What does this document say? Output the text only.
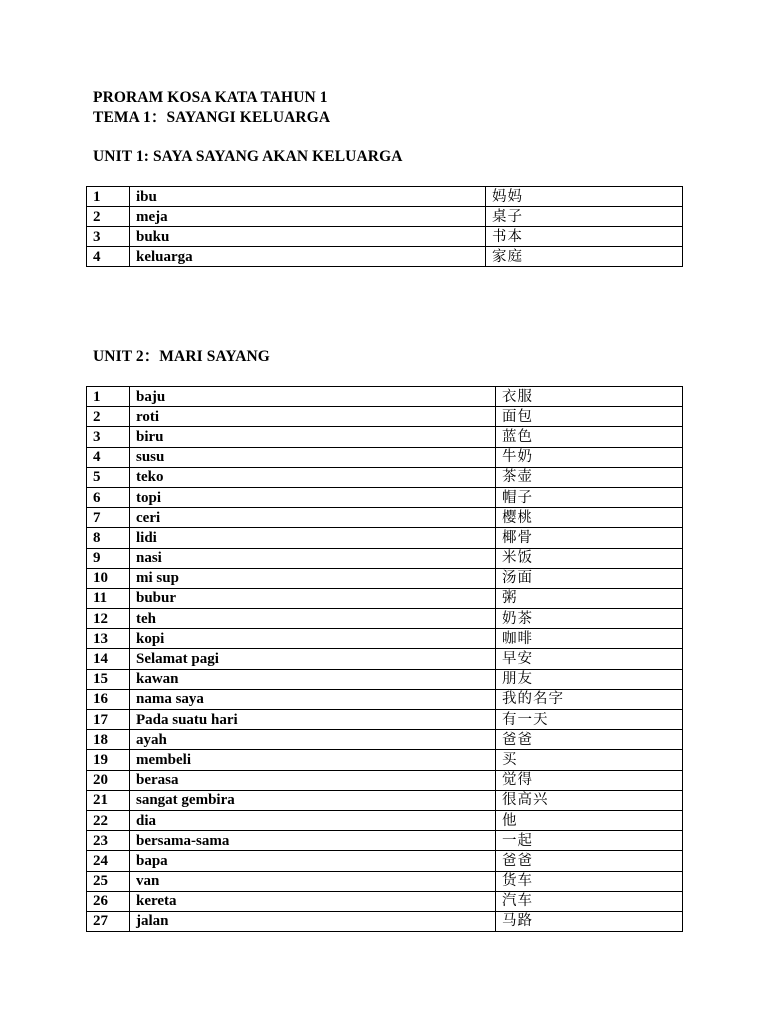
PRORAM KOSA KATA TAHUN 1
TEMA 1：SAYANGI KELUARGA
UNIT 1: SAYA SAYANG AKAN KELUARGA
1	ibu	妈妈
2	meja	桌子
3	buku	书本
4	keluarga	家庭
UNIT 2：MARI SAYANG
1	baju	衣服
2	roti	面包
3	biru	蓝色
4	susu	牛奶
5	teko	茶壶
6	topi	帽子
7	ceri	樱桃
8	lidi	椰骨
9	nasi	米饭
10	mi sup	汤面
11	bubur	粥
12	teh	奶茶
13	kopi	咖啡
14	Selamat pagi	早安
15	kawan	朋友
16	nama saya	我的名字
17	Pada suatu hari	有一天
18	ayah	爸爸
19	membeli	买
20	berasa	觉得
21	sangat gembira	很高兴
22	dia	他
23	bersama-sama	一起
24	bapa	爸爸
25	van	货车
26	kereta	汽车
27	jalan	马路
